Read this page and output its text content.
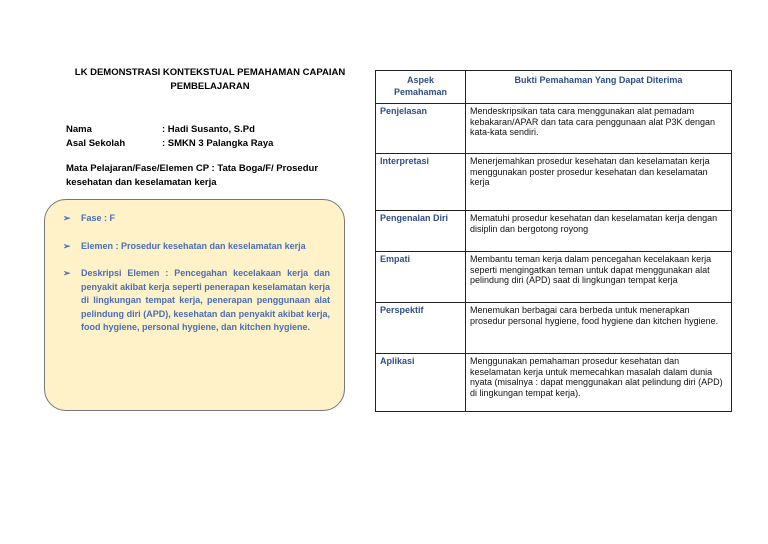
LK DEMONSTRASI KONTEKSTUAL PEMAHAMAN CAPAIAN PEMBELAJARAN
Nama	: Hadi Susanto, S.Pd
Asal Sekolah	: SMKN 3 Palangka Raya
Mata Pelajaran/Fase/Elemen CP : Tata Boga/F/ Prosedur kesehatan dan keselamatan kerja
➢ Fase : F
➢ Elemen : Prosedur kesehatan dan keselamatan kerja
➢ Deskripsi Elemen : Pencegahan kecelakaan kerja dan penyakit akibat kerja seperti penerapan keselamatan kerja di lingkungan tempat kerja, penerapan penggunaan alat pelindung diri (APD), kesehatan dan penyakit akibat kerja, food hygiene, personal hygiene, dan kitchen hygiene.
Aspek Pemahaman	Bukti Pemahaman Yang Dapat Diterima
Penjelasan	Mendeskripsikan tata cara menggunakan alat pemadam kebakaran/APAR dan tata cara penggunaan alat P3K dengan kata-kata sendiri.
Interpretasi	Menerjemahkan prosedur kesehatan dan keselamatan kerja menggunakan poster prosedur kesehatan dan keselamatan kerja
Pengenalan Diri	Mematuhi prosedur kesehatan dan keselamatan kerja dengan disiplin dan bergotong royong
Empati	Membantu teman kerja dalam pencegahan kecelakaan kerja seperti mengingatkan teman untuk dapat menggunakan alat pelindung diri (APD) saat di lingkungan tempat kerja
Perspektif	Menemukan berbagai cara berbeda untuk menerapkan prosedur personal hygiene, food hygiene dan kitchen hygiene.
Aplikasi	Menggunakan pemahaman prosedur kesehatan dan keselamatan kerja untuk memecahkan masalah dalam dunia nyata (misalnya : dapat menggunakan alat pelindung diri (APD) di lingkungan tempat kerja).
